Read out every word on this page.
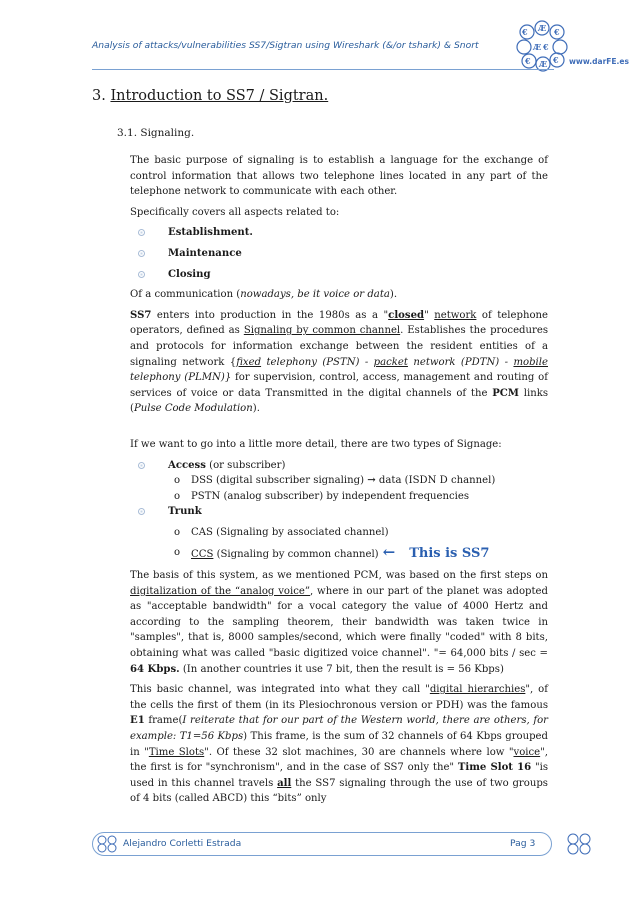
Analysis of attacks/vulnerabilities SS7/Sigtran using Wireshark (&/or tshark) & Snort
Æ
€	€
Æ €
€ Æ € www.darFE.es
3. Introduction to SS7 / Sigtran.
3.1. Signaling.

The basic purpose of signaling is to establish a language for the exchange of control information that allows two telephone lines located in any part of the telephone network to communicate with each other.

Specifically covers all aspects related to:

Establishment.
Maintenance
Closing

Of a communication (nowadays, be it voice or data).

SS7 enters into production in the 1980s as a "closed" network of telephone operators, defined as Signaling by common channel. Establishes the procedures and protocols for information exchange between the resident entities of a signaling network {fixed telephony (PSTN) - packet network (PDTN) - mobile telephony (PLMN)} for supervision, control, access, management and routing of services of voice or data Transmitted in the digital channels of the PCM links (Pulse Code Modulation).

If we want to go into a little more detail, there are two types of Signage:

Access (or subscriber)
o DSS (digital subscriber signaling) → data (ISDN D channel)
o PSTN (analog subscriber) by independent frequencies
Trunk
o CAS (Signaling by associated channel)
o CCS (Signaling by common channel) ← This is SS7

The basis of this system, as we mentioned PCM, was based on the first steps on digitalization of the “analog voice”, where in our part of the planet was adopted as "acceptable bandwidth" for a vocal category the value of 4000 Hertz and according to the sampling theorem, their bandwidth was taken twice in "samples", that is, 8000 samples/second, which were finally "coded" with 8 bits, obtaining what was called "basic digitized voice channel". "= 64,000 bits / sec = 64 Kbps. (In another countries it use 7 bit, then the result is = 56 Kbps)

This basic channel, was integrated into what they call "digital hierarchies", of the cells the first of them (in its Plesiochronous version or PDH) was the famous E1 frame(I reiterate that for our part of the Western world, there are others, for example: T1=56 Kbps) This frame, is the sum of 32 channels of 64 Kbps grouped in "Time Slots". Of these 32 slot machines, 30 are channels where low "voice", the first is for "synchronism", and in the case of SS7 only the" Time Slot 16 "is used in this channel travels all the SS7 signaling through the use of two groups of 4 bits (called ABCD) this “bits” only

Alejandro Corletti Estrada	Pag 3
